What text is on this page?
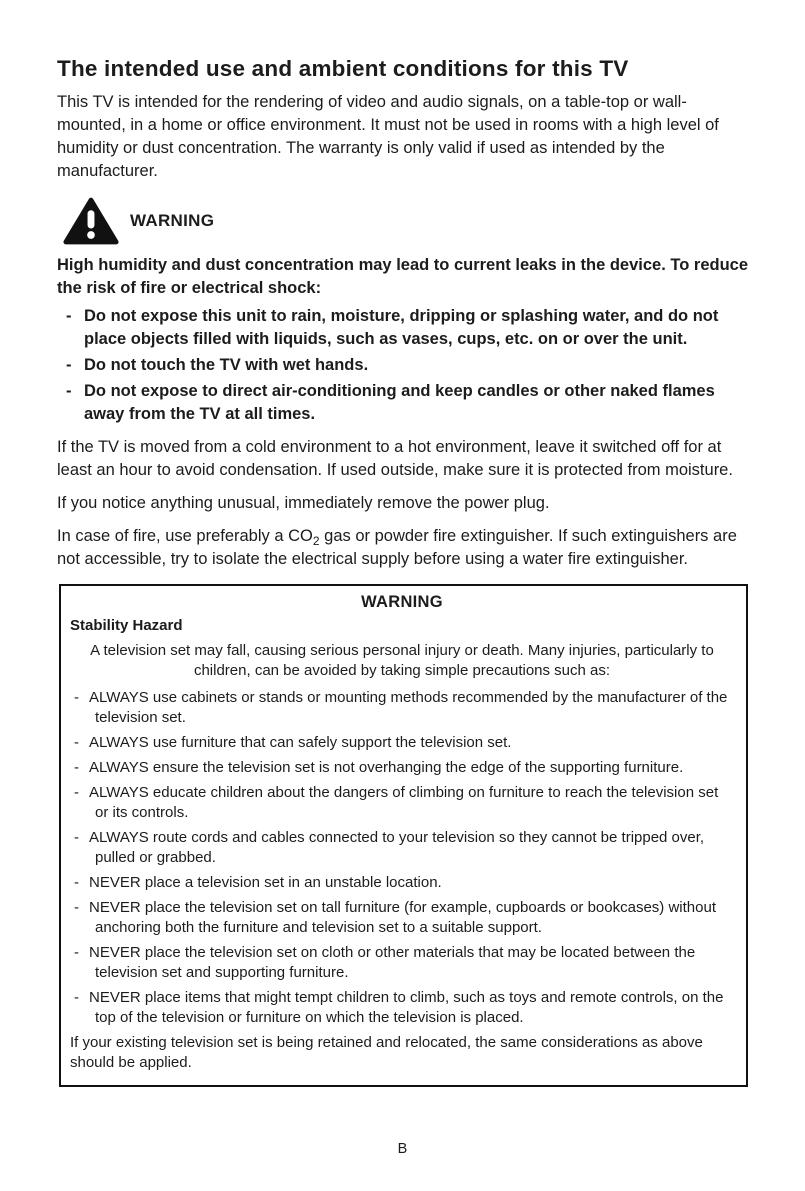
The intended use and ambient conditions for this TV

This TV is intended for the rendering of video and audio signals, on a table-top or wall-mounted, in a home or office environment. It must not be used in rooms with a high level of humidity or dust concentration. The warranty is only valid if used as intended by the manufacturer.

WARNING

High humidity and dust concentration may lead to current leaks in the device. To reduce the risk of fire or electrical shock:

- Do not expose this unit to rain, moisture, dripping or splashing water, and do not place objects filled with liquids, such as vases, cups, etc. on or over the unit.
- Do not touch the TV with wet hands.
- Do not expose to direct air-conditioning and keep candles or other naked flames away from the TV at all times.

If the TV is moved from a cold environment to a hot environment, leave it switched off for at least an hour to avoid condensation. If used outside, make sure it is protected from moisture.

If you notice anything unusual, immediately remove the power plug.

In case of fire, use preferably a $CO_2$ gas or powder fire extinguisher. If such extinguishers are not accessible, try to isolate the electrical supply before using a water fire extinguisher.

WARNING
Stability Hazard

A television set may fall, causing serious personal injury or death. Many injuries, particularly to children, can be avoided by taking simple precautions such as:

- ALWAYS use cabinets or stands or mounting methods recommended by the manufacturer of the television set.
- ALWAYS use furniture that can safely support the television set.
- ALWAYS ensure the television set is not overhanging the edge of the supporting furniture.
- ALWAYS educate children about the dangers of climbing on furniture to reach the television set or its controls.
- ALWAYS route cords and cables connected to your television so they cannot be tripped over, pulled or grabbed.
- NEVER place a television set in an unstable location.
- NEVER place the television set on tall furniture (for example, cupboards or bookcases) without anchoring both the furniture and television set to a suitable support.
- NEVER place the television set on cloth or other materials that may be located between the television set and supporting furniture.
- NEVER place items that might tempt children to climb, such as toys and remote controls, on the top of the television or furniture on which the television is placed.

If your existing television set is being retained and relocated, the same considerations as above should be applied.

B
